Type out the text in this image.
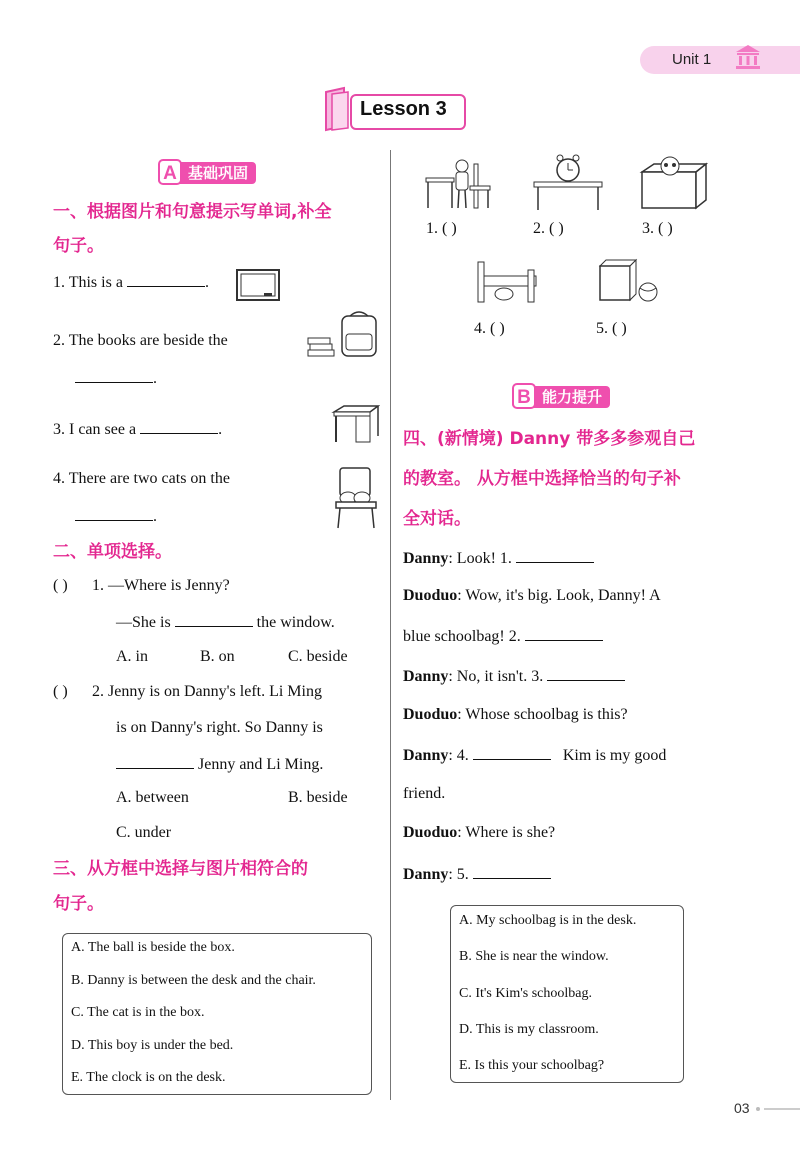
Unit 1
Lesson 3
A 基础巩固
一、根据图片和句意提示写单词,补全
句子。
1. This is a	.
2. The books are beside the
.
3. I can see a	.
4. There are two cats on the
.
二、单项选择。
( ) 1. —Where is Jenny?
—She is	the window.
A. in	B. on	C. beside
( ) 2. Jenny is on Danny's left. Li Ming
is on Danny's right. So Danny is
Jenny and Li Ming.
A. between	B. beside
C. under
三、从方框中选择与图片相符合的
句子。
A. The ball is beside the box.
B. Danny is between the desk and the chair.
C. The cat is in the box.
D. This boy is under the bed.
E. The clock is on the desk.
1. ( )	2. ( )	3. ( )
4. ( )	5. ( )
B 能力提升
四、(新情境) Danny 带多多参观自己
的教室。 从方框中选择恰当的句子补
全对话。
Danny: Look! 1.
Duoduo: Wow, it's big. Look, Danny! A
blue schoolbag! 2.
Danny: No, it isn't. 3.
Duoduo: Whose schoolbag is this?
Danny: 4.	Kim is my good
friend.
Duoduo: Where is she?
Danny: 5.
A. My schoolbag is in the desk.
B. She is near the window.
C. It's Kim's schoolbag.
D. This is my classroom.
E. Is this your schoolbag?
03
